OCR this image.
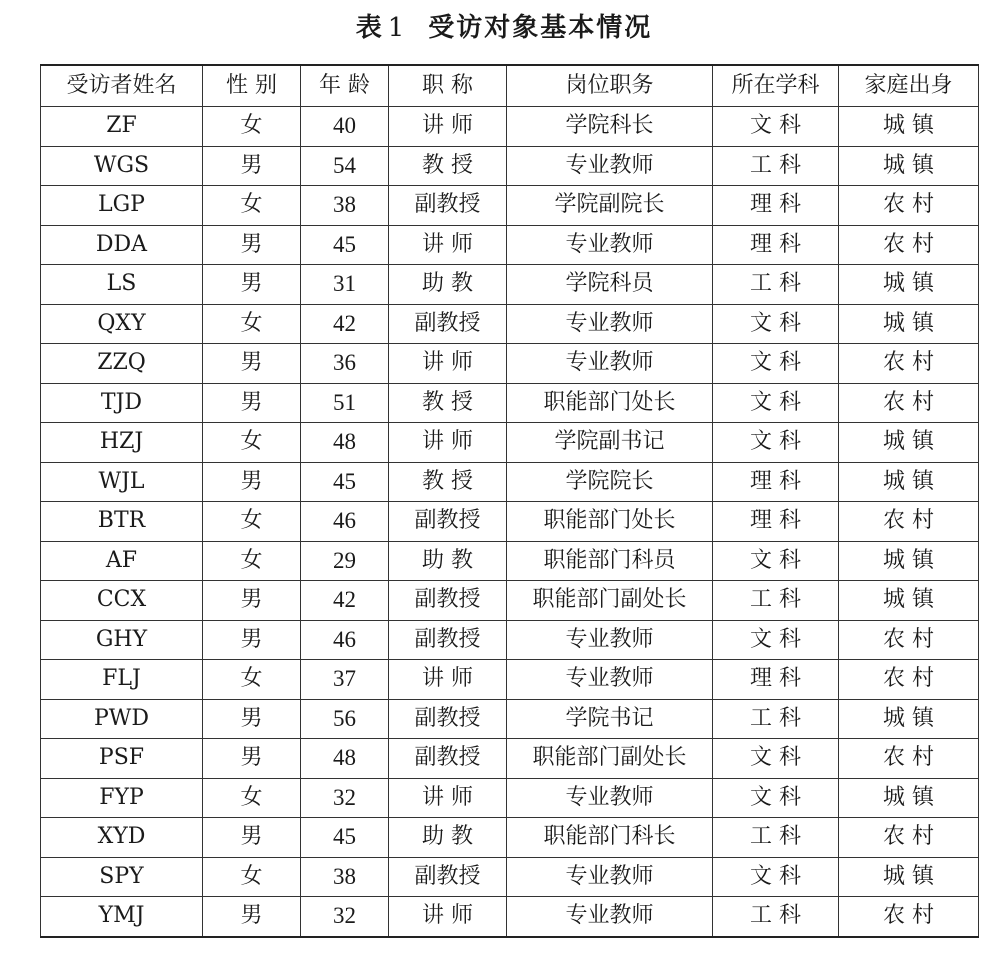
表 1 受访对象基本情况
受访者姓名	性 别	年 龄	职 称	岗位职务	所在学科	家庭出身
ZF	女	40	讲 师	学院科长	文 科	城 镇
WGS	男	54	教 授	专业教师	工 科	城 镇
LGP	女	38	副教授	学院副院长	理 科	农 村
DDA	男	45	讲 师	专业教师	理 科	农 村
LS	男	31	助 教	学院科员	工 科	城 镇
QXY	女	42	副教授	专业教师	文 科	城 镇
ZZQ	男	36	讲 师	专业教师	文 科	农 村
TJD	男	51	教 授	职能部门处长	文 科	农 村
HZJ	女	48	讲 师	学院副书记	文 科	城 镇
WJL	男	45	教 授	学院院长	理 科	城 镇
BTR	女	46	副教授	职能部门处长	理 科	农 村
AF	女	29	助 教	职能部门科员	文 科	城 镇
CCX	男	42	副教授	职能部门副处长	工 科	城 镇
GHY	男	46	副教授	专业教师	文 科	农 村
FLJ	女	37	讲 师	专业教师	理 科	农 村
PWD	男	56	副教授	学院书记	工 科	城 镇
PSF	男	48	副教授	职能部门副处长	文 科	农 村
FYP	女	32	讲 师	专业教师	文 科	城 镇
XYD	男	45	助 教	职能部门科长	工 科	农 村
SPY	女	38	副教授	专业教师	文 科	城 镇
YMJ	男	32	讲 师	专业教师	工 科	农 村
